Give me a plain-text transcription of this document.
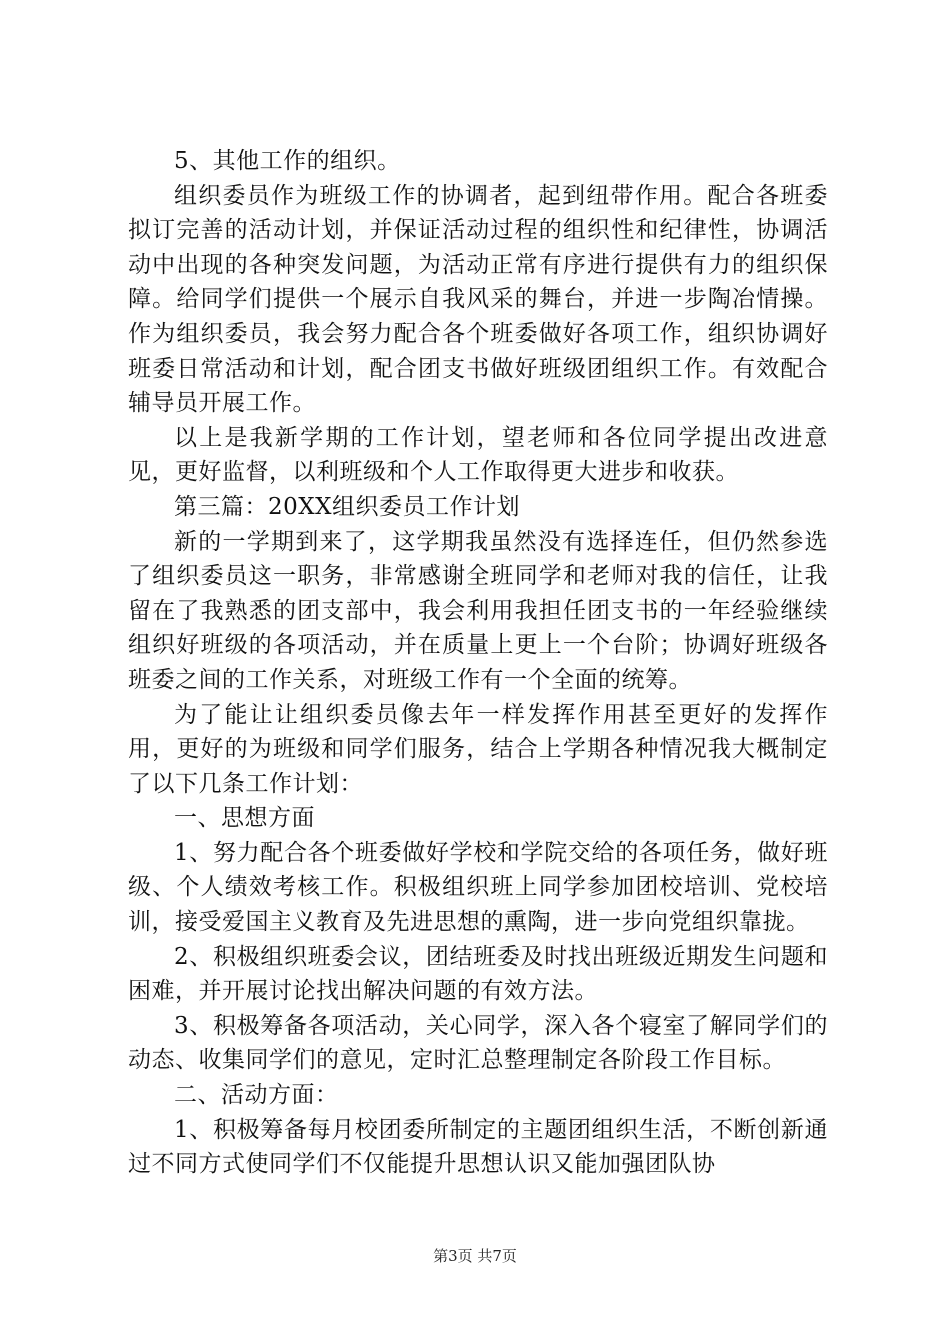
5、其他工作的组织。

组织委员作为班级工作的协调者，起到纽带作用。配合各班委拟订完善的活动计划，并保证活动过程的组织性和纪律性，协调活动中出现的各种突发问题，为活动正常有序进行提供有力的组织保障。给同学们提供一个展示自我风采的舞台，并进一步陶冶情操。作为组织委员，我会努力配合各个班委做好各项工作，组织协调好班委日常活动和计划，配合团支书做好班级团组织工作。有效配合辅导员开展工作。

以上是我新学期的工作计划，望老师和各位同学提出改进意见，更好监督，以利班级和个人工作取得更大进步和收获。

第三篇：20XX组织委员工作计划

新的一学期到来了，这学期我虽然没有选择连任，但仍然参选了组织委员这一职务，非常感谢全班同学和老师对我的信任，让我留在了我熟悉的团支部中，我会利用我担任团支书的一年经验继续组织好班级的各项活动，并在质量上更上一个台阶；协调好班级各班委之间的工作关系，对班级工作有一个全面的统筹。

为了能让让组织委员像去年一样发挥作用甚至更好的发挥作用，更好的为班级和同学们服务，结合上学期各种情况我大概制定了以下几条工作计划：

一、思想方面

1、努力配合各个班委做好学校和学院交给的各项任务，做好班级、个人绩效考核工作。积极组织班上同学参加团校培训、党校培训，接受爱国主义教育及先进思想的熏陶，进一步向党组织靠拢。

2、积极组织班委会议，团结班委及时找出班级近期发生问题和困难，并开展讨论找出解决问题的有效方法。

3、积极筹备各项活动，关心同学，深入各个寝室了解同学们的动态、收集同学们的意见，定时汇总整理制定各阶段工作目标。

二、活动方面：

1、积极筹备每月校团委所制定的主题团组织生活，不断创新通过不同方式使同学们不仅能提升思想认识又能加强团队协

第3页 共7页
